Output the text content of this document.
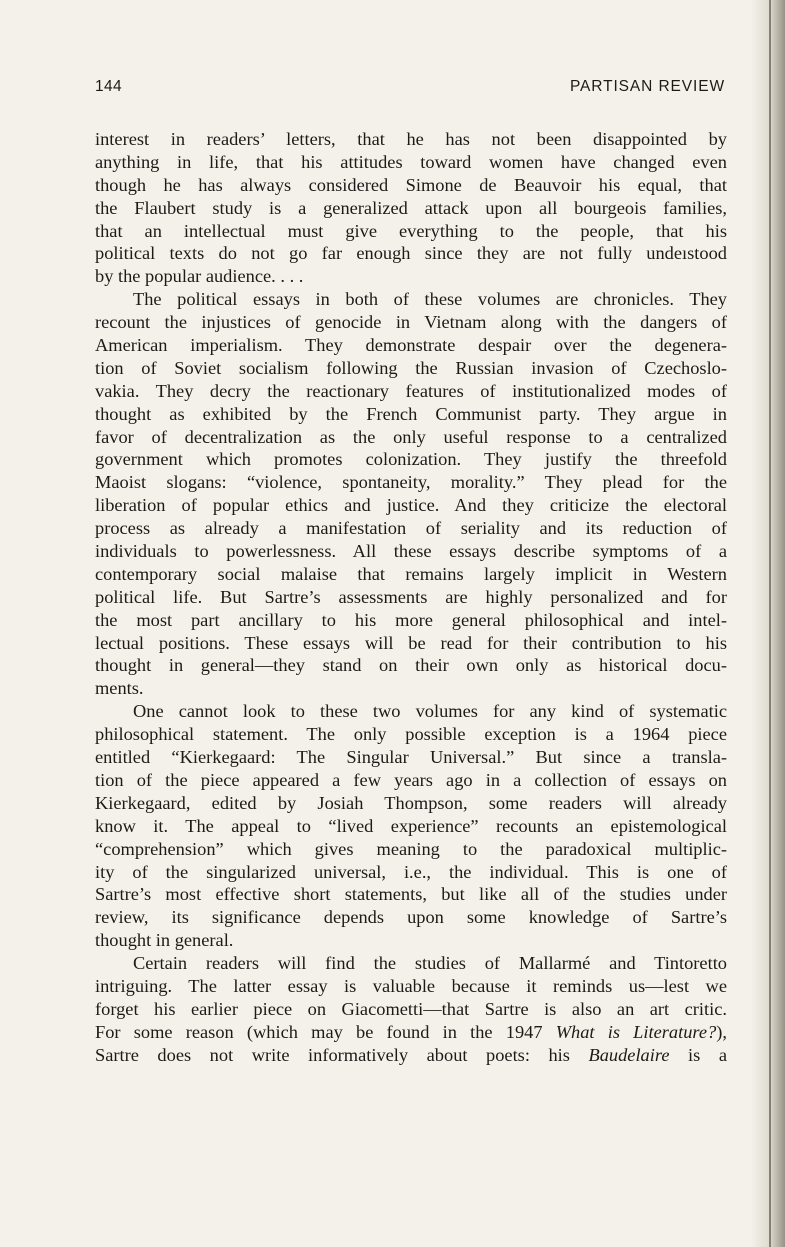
144	PARTISAN REVIEW
interest in readers’ letters, that he has not been disappointed by
anything in life, that his attitudes toward women have changed even
though he has always considered Simone de Beauvoir his equal, that
the Flaubert study is a generalized attack upon all bourgeois families,
that an intellectual must give everything to the people, that his
political texts do not go far enough since they are not fully undeıstood
by the popular audience. . . .
The political essays in both of these volumes are chronicles. They
recount the injustices of genocide in Vietnam along with the dangers of
American imperialism. They demonstrate despair over the degenera-
tion of Soviet socialism following the Russian invasion of Czechoslo-
vakia. They decry the reactionary features of institutionalized modes of
thought as exhibited by the French Communist party. They argue in
favor of decentralization as the only useful response to a centralized
government which promotes colonization. They justify the threefold
Maoist slogans: “violence, spontaneity, morality.” They plead for the
liberation of popular ethics and justice. And they criticize the electoral
process as already a manifestation of seriality and its reduction of
individuals to powerlessness. All these essays describe symptoms of a
contemporary social malaise that remains largely implicit in Western
political life. But Sartre’s assessments are highly personalized and for
the most part ancillary to his more general philosophical and intel-
lectual positions. These essays will be read for their contribution to his
thought in general—they stand on their own only as historical docu-
ments.
One cannot look to these two volumes for any kind of systematic
philosophical statement. The only possible exception is a 1964 piece
entitled “Kierkegaard: The Singular Universal.” But since a transla-
tion of the piece appeared a few years ago in a collection of essays on
Kierkegaard, edited by Josiah Thompson, some readers will already
know it. The appeal to “lived experience” recounts an epistemological
“comprehension” which gives meaning to the paradoxical multiplic-
ity of the singularized universal, i.e., the individual. This is one of
Sartre’s most effective short statements, but like all of the studies under
review, its significance depends upon some knowledge of Sartre’s
thought in general.
Certain readers will find the studies of Mallarmé and Tintoretto
intriguing. The latter essay is valuable because it reminds us—lest we
forget his earlier piece on Giacometti—that Sartre is also an art critic.
For some reason (which may be found in the 1947 What is Literature?),
Sartre does not write informatively about poets: his Baudelaire is a
